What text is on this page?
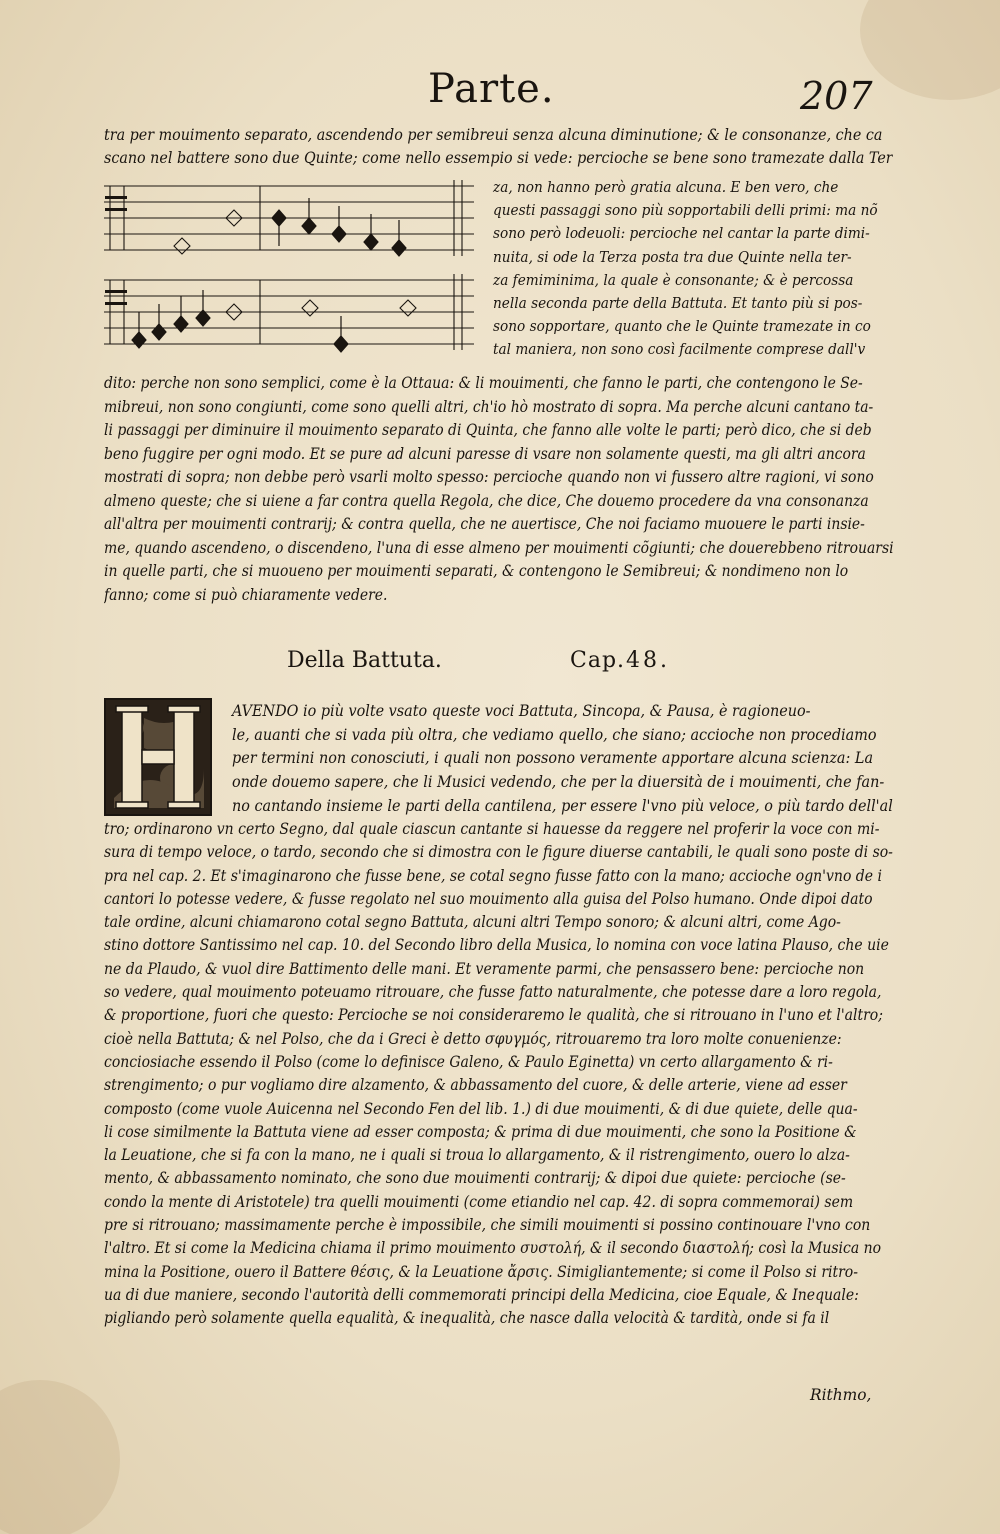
Parte.	207
tra per mouimento separato, ascendendo per semibreui senza alcuna diminutione; & le consonanze, che ca
scano nel battere sono due Quinte; come nello essempio si vede: percioche se bene sono tramezate dalla Ter
za, non hanno però gratia alcuna. E ben vero, che
questi passaggi sono più sopportabili delli primi: ma nõ
sono però lodeuoli: percioche nel cantar la parte dimi-
nuita, si ode la Terza posta tra due Quinte nella ter-
za femiminima, la quale è consonante; & è percossa
nella seconda parte della Battuta. Et tanto più si pos-
sono sopportare, quanto che le Quinte tramezate in co
tal maniera, non sono così facilmente comprese dall'v
dito: perche non sono semplici, come è la Ottaua: & li mouimenti, che fanno le parti, che contengono le Se-
mibreui, non sono congiunti, come sono quelli altri, ch'io hò mostrato di sopra. Ma perche alcuni cantano ta-
li passaggi per diminuire il mouimento separato di Quinta, che fanno alle volte le parti; però dico, che si deb
beno fuggire per ogni modo. Et se pure ad alcuni paresse di vsare non solamente questi, ma gli altri ancora
mostrati di sopra; non debbe però vsarli molto spesso: percioche quando non vi fussero altre ragioni, vi sono
almeno queste; che si uiene a far contra quella Regola, che dice, Che douemo procedere da vna consonanza
all'altra per mouimenti contrarij; & contra quella, che ne auertisce, Che noi faciamo muouere le parti insie-
me, quando ascendeno, o discendeno, l'una di esse almeno per mouimenti cõgiunti; che douerebbeno ritrouarsi
in quelle parti, che si muoueno per mouimenti separati, & contengono le Semibreui; & nondimeno non lo
fanno; come si può chiaramente vedere.
Della Battuta.	Cap. 48.
AVENDO io più volte vsato queste voci Battuta, Sincopa, & Pausa, è ragioneuo-
le, auanti che si vada più oltra, che vediamo quello, che siano; accioche non procediamo
per termini non conosciuti, i quali non possono veramente apportare alcuna scienza: La
onde douemo sapere, che li Musici vedendo, che per la diuersità de i mouimenti, che fan-
no cantando insieme le parti della cantilena, per essere l'vno più veloce, o più tardo dell'al
tro; ordinarono vn certo Segno, dal quale ciascun cantante si hauesse da reggere nel proferir la voce con mi-
sura di tempo veloce, o tardo, secondo che si dimostra con le figure diuerse cantabili, le quali sono poste di so-
pra nel cap. 2. Et s'imaginarono che fusse bene, se cotal segno fusse fatto con la mano; accioche ogn'vno de i
cantori lo potesse vedere, & fusse regolato nel suo mouimento alla guisa del Polso humano. Onde dipoi dato
tale ordine, alcuni chiamarono cotal segno Battuta, alcuni altri Tempo sonoro; & alcuni altri, come Ago-
stino dottore Santissimo nel cap. 10. del Secondo libro della Musica, lo nomina con voce latina Plauso, che uie
ne da Plaudo, & vuol dire Battimento delle mani. Et veramente parmi, che pensassero bene: percioche non
so vedere, qual mouimento poteuamo ritrouare, che fusse fatto naturalmente, che potesse dare a loro regola,
& proportione, fuori che questo: Percioche se noi consideraremo le qualità, che si ritrouano in l'uno et l'altro;
cioè nella Battuta; & nel Polso, che da i Greci è detto σφυγμός, ritrouaremo tra loro molte conuenienze:
conciosiache essendo il Polso (come lo definisce Galeno, & Paulo Eginetta) vn certo allargamento & ri-
strengimento; o pur vogliamo dire alzamento, & abbassamento del cuore, & delle arterie, viene ad esser
composto (come vuole Auicenna nel Secondo Fen del lib. 1.) di due mouimenti, & di due quiete, delle qua-
li cose similmente la Battuta viene ad esser composta; & prima di due mouimenti, che sono la Positione &
la Leuatione, che si fa con la mano, ne i quali si troua lo allargamento, & il ristrengimento, ouero lo alza-
mento, & abbassamento nominato, che sono due mouimenti contrarij; & dipoi due quiete: percioche (se-
condo la mente di Aristotele) tra quelli mouimenti (come etiandio nel cap. 42. di sopra commemorai) sem
pre si ritrouano; massimamente perche è impossibile, che simili mouimenti si possino continouare l'vno con
l'altro. Et si come la Medicina chiama il primo mouimento συστολή, & il secondo διαστολή; così la Musica no
mina la Positione, ouero il Battere θέσις, & la Leuatione ἄρσις. Simigliantemente; si come il Polso si ritro-
ua di due maniere, secondo l'autorità delli commemorati principi della Medicina, cioe Equale, & Inequale:
pigliando però solamente quella equalità, & inequalità, che nasce dalla velocità & tardità, onde si fa il
Rithmo,
